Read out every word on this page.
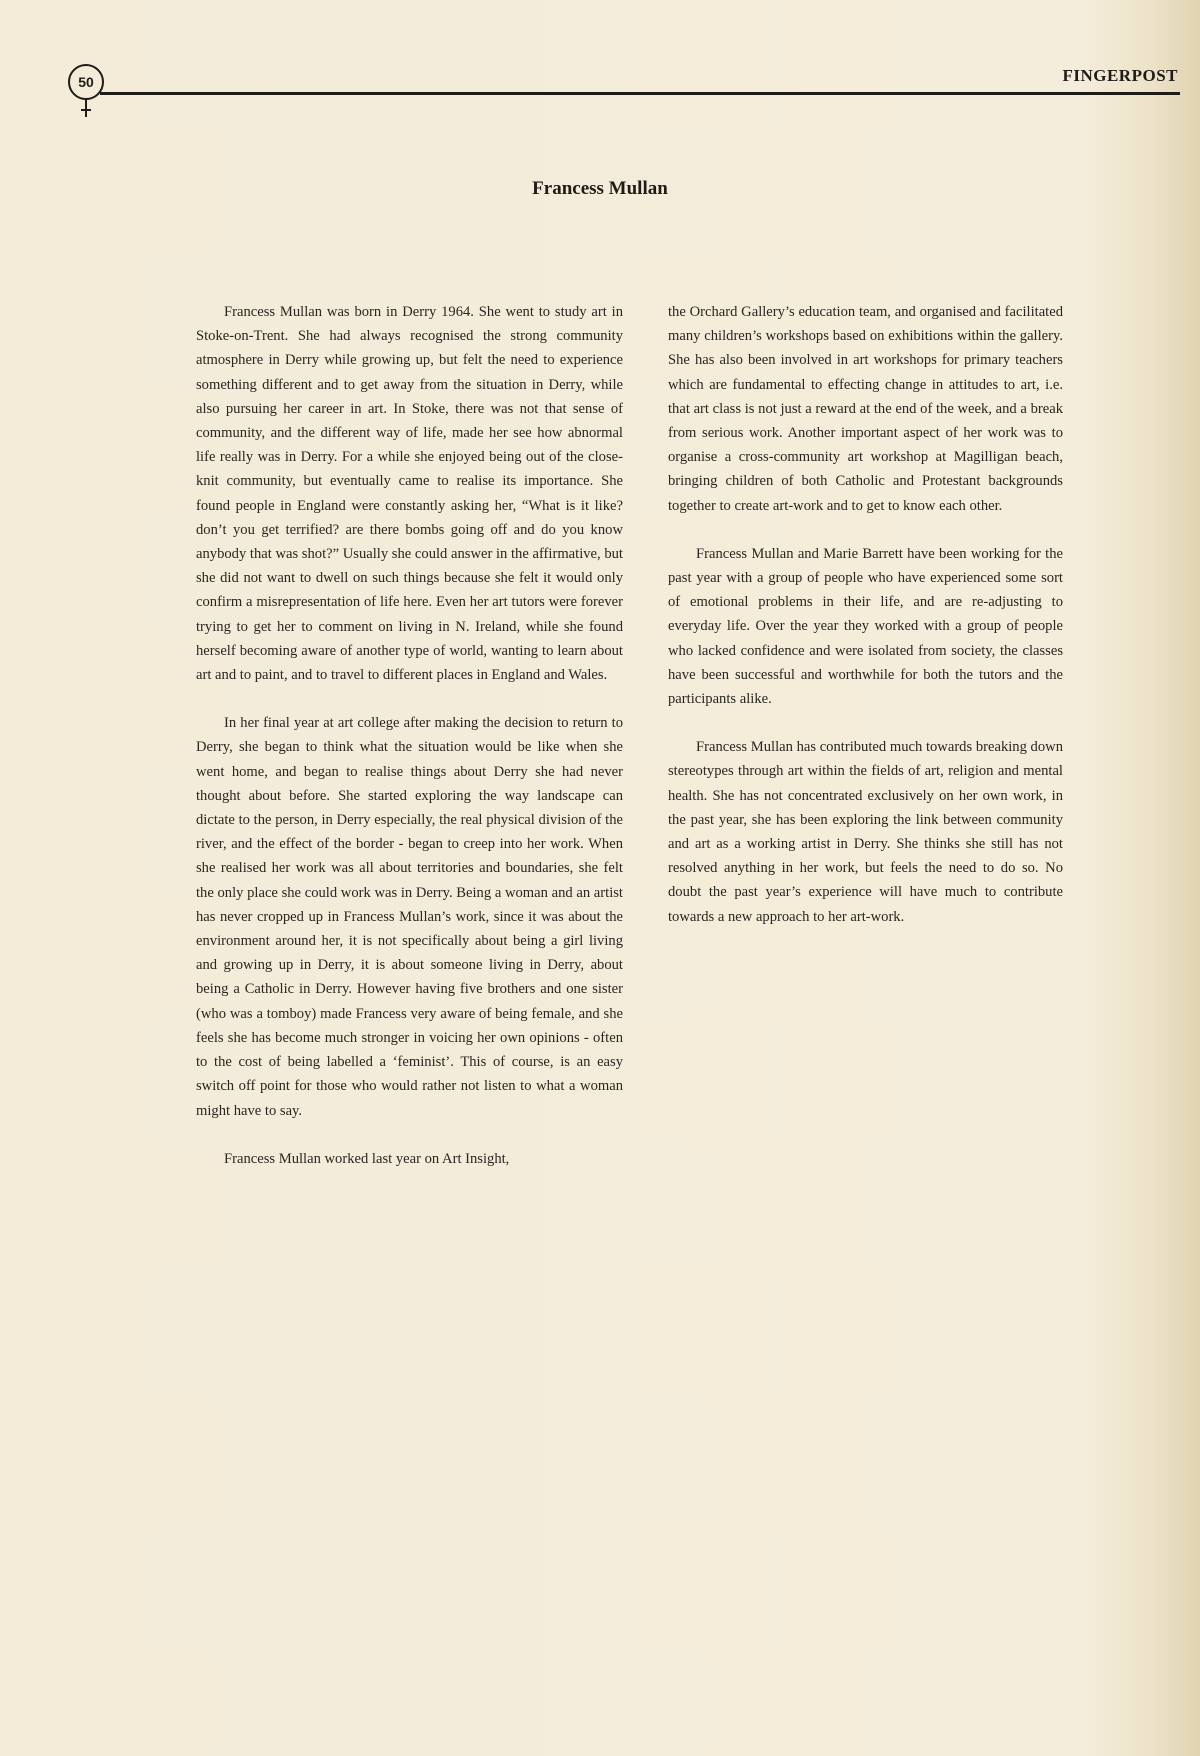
50	FINGERPOST
Francess Mullan

Francess Mullan was born in Derry 1964. She went to study art in Stoke-on-Trent. She had always recognised the strong community atmosphere in Derry while growing up, but felt the need to experience something different and to get away from the situation in Derry, while also pursuing her career in art. In Stoke, there was not that sense of community, and the different way of life, made her see how abnormal life really was in Derry. For a while she enjoyed being out of the close-knit community, but eventually came to realise its importance. She found people in England were constantly asking her, “What is it like? don’t you get terrified? are there bombs going off and do you know anybody that was shot?” Usually she could answer in the affirmative, but she did not want to dwell on such things because she felt it would only confirm a misrepresentation of life here. Even her art tutors were forever trying to get her to comment on living in N. Ireland, while she found herself becoming aware of another type of world, wanting to learn about art and to paint, and to travel to different places in England and Wales.

In her final year at art college after making the decision to return to Derry, she began to think what the situation would be like when she went home, and began to realise things about Derry she had never thought about before. She started exploring the way landscape can dictate to the person, in Derry especially, the real physical division of the river, and the effect of the border - began to creep into her work. When she realised her work was all about territories and boundaries, she felt the only place she could work was in Derry. Being a woman and an artist has never cropped up in Francess Mullan’s work, since it was about the environment around her, it is not specifically about being a girl living and growing up in Derry, it is about someone living in Derry, about being a Catholic in Derry. However having five brothers and one sister (who was a tomboy) made Francess very aware of being female, and she feels she has become much stronger in voicing her own opinions - often to the cost of being labelled a ‘feminist’. This of course, is an easy switch off point for those who would rather not listen to what a woman might have to say.

Francess Mullan worked last year on Art Insight,

the Orchard Gallery’s education team, and organised and facilitated many children’s workshops based on exhibitions within the gallery. She has also been involved in art workshops for primary teachers which are fundamental to effecting change in attitudes to art, i.e. that art class is not just a reward at the end of the week, and a break from serious work. Another important aspect of her work was to organise a cross-community art workshop at Magilligan beach, bringing children of both Catholic and Protestant backgrounds together to create art-work and to get to know each other.

Francess Mullan and Marie Barrett have been working for the past year with a group of people who have experienced some sort of emotional problems in their life, and are re-adjusting to everyday life. Over the year they worked with a group of people who lacked confidence and were isolated from society, the classes have been successful and worthwhile for both the tutors and the participants alike.

Francess Mullan has contributed much towards breaking down stereotypes through art within the fields of art, religion and mental health. She has not concentrated exclusively on her own work, in the past year, she has been exploring the link between community and art as a working artist in Derry. She thinks she still has not resolved anything in her work, but feels the need to do so. No doubt the past year’s experience will have much to contribute towards a new approach to her art-work.
